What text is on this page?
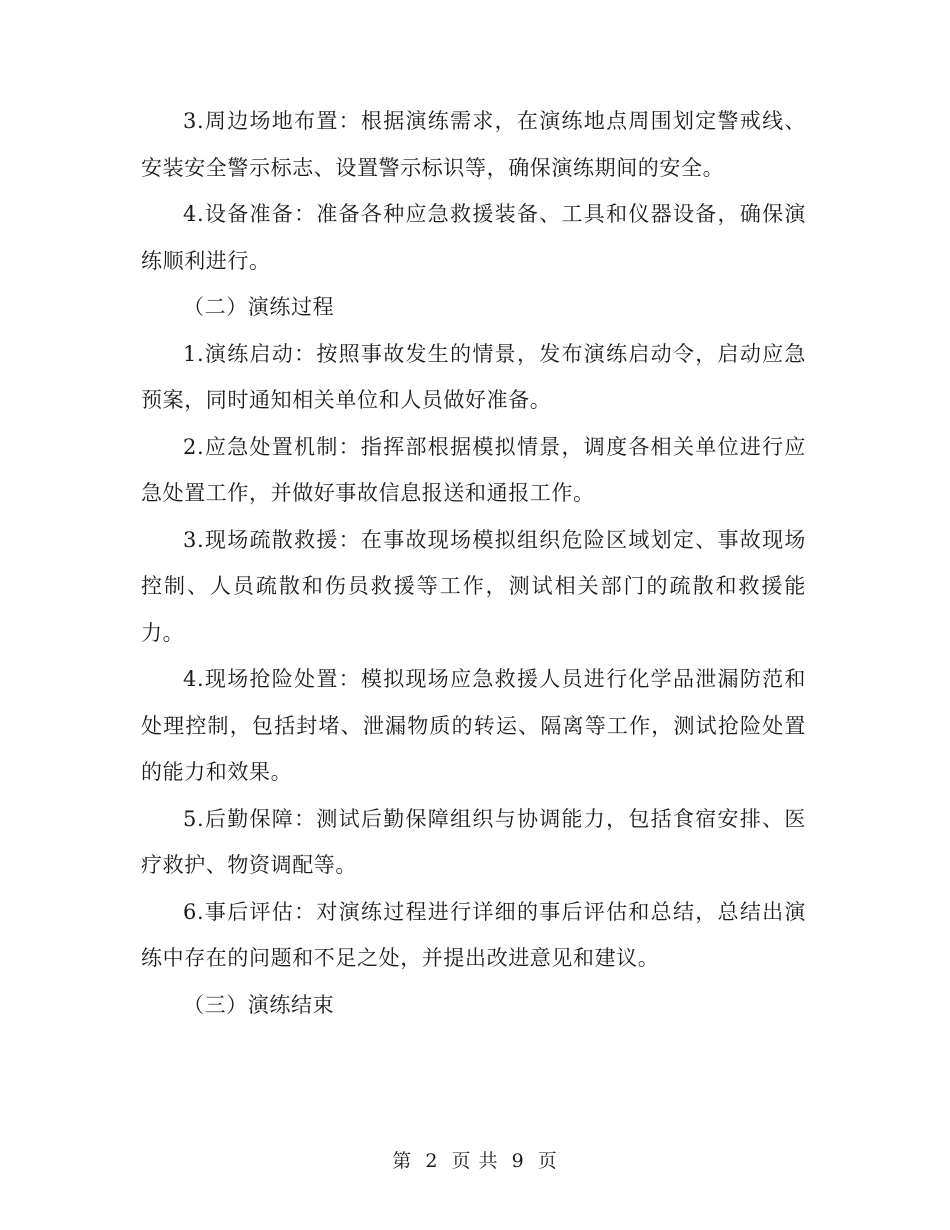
3.周边场地布置：根据演练需求，在演练地点周围划定警戒线、安装安全警示标志、设置警示标识等，确保演练期间的安全。

4.设备准备：准备各种应急救援装备、工具和仪器设备，确保演练顺利进行。

（二）演练过程

1.演练启动：按照事故发生的情景，发布演练启动令，启动应急预案，同时通知相关单位和人员做好准备。

2.应急处置机制：指挥部根据模拟情景，调度各相关单位进行应急处置工作，并做好事故信息报送和通报工作。

3.现场疏散救援：在事故现场模拟组织危险区域划定、事故现场控制、人员疏散和伤员救援等工作，测试相关部门的疏散和救援能力。

4.现场抢险处置：模拟现场应急救援人员进行化学品泄漏防范和处理控制，包括封堵、泄漏物质的转运、隔离等工作，测试抢险处置的能力和效果。

5.后勤保障：测试后勤保障组织与协调能力，包括食宿安排、医疗救护、物资调配等。

6.事后评估：对演练过程进行详细的事后评估和总结，总结出演练中存在的问题和不足之处，并提出改进意见和建议。

（三）演练结束

第 2 页 共 9 页
